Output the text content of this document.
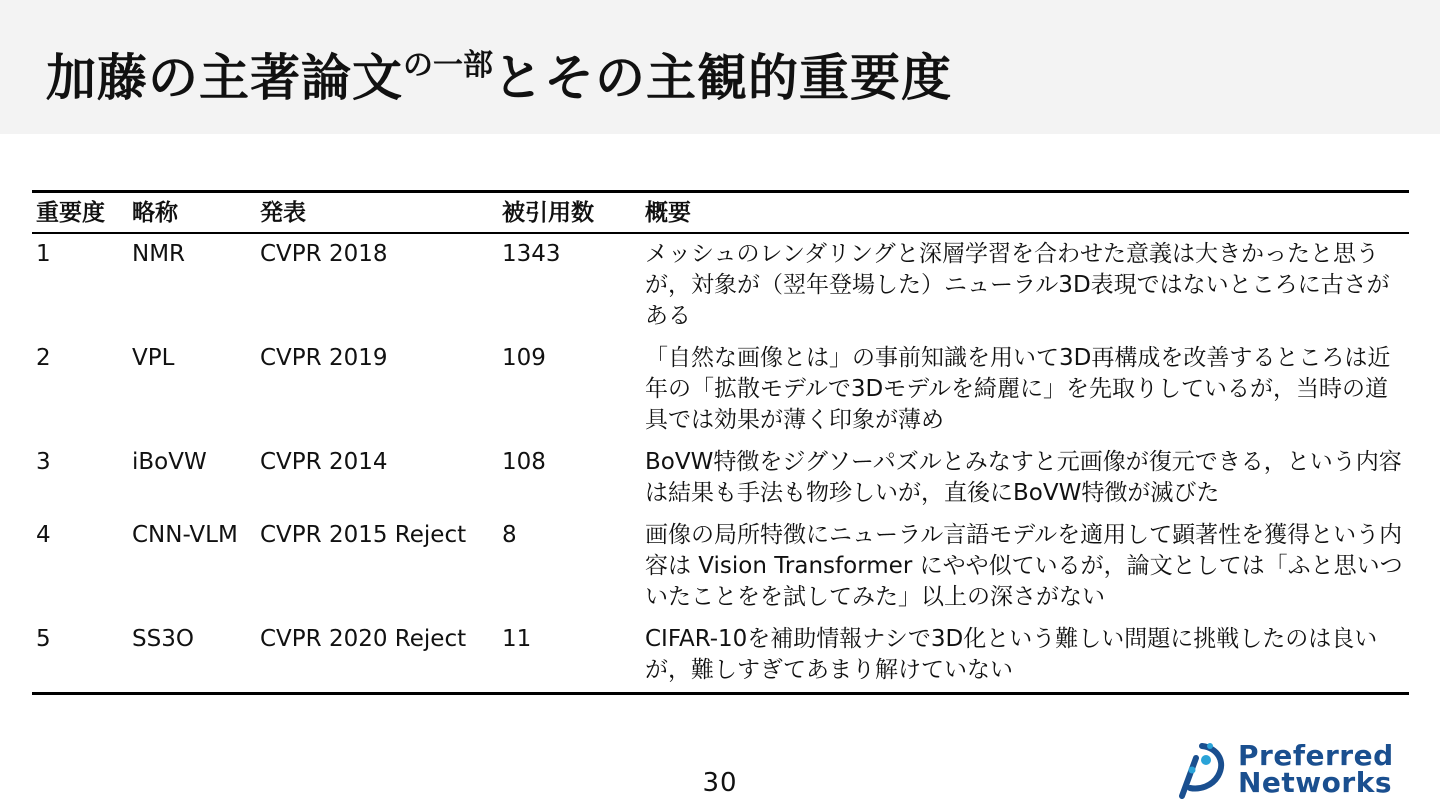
加藤の主著論文$^{の一部}$とその主観的重要度
重要度	略称	発表	被引用数	概要
1	NMR	CVPR 2018	1343	メッシュのレンダリングと深層学習を合わせた意義は大きかったと思うが，対象が（翌年登場した）ニューラル3D表現ではないところに古さがある
2	VPL	CVPR 2019	109	「自然な画像とは」の事前知識を用いて3D再構成を改善するところは近年の「拡散モデルで3Dモデルを綺麗に」を先取りしているが，当時の道具では効果が薄く印象が薄め
3	iBoVW	CVPR 2014	108	BoVW特徴をジグソーパズルとみなすと元画像が復元できる，という内容は結果も手法も物珍しいが，直後にBoVW特徴が滅びた
4	CNN-VLM	CVPR 2015 Reject	8	画像の局所特徴にニューラル言語モデルを適用して顕著性を獲得という内容は Vision Transformer にやや似ているが，論文としては「ふと思いついたことをを試してみた」以上の深さがない
5	SS3O	CVPR 2020 Reject	11	CIFAR-10を補助情報ナシで3D化という難しい問題に挑戦したのは良いが，難しすぎてあまり解けていない
30
Preferred
Networks
